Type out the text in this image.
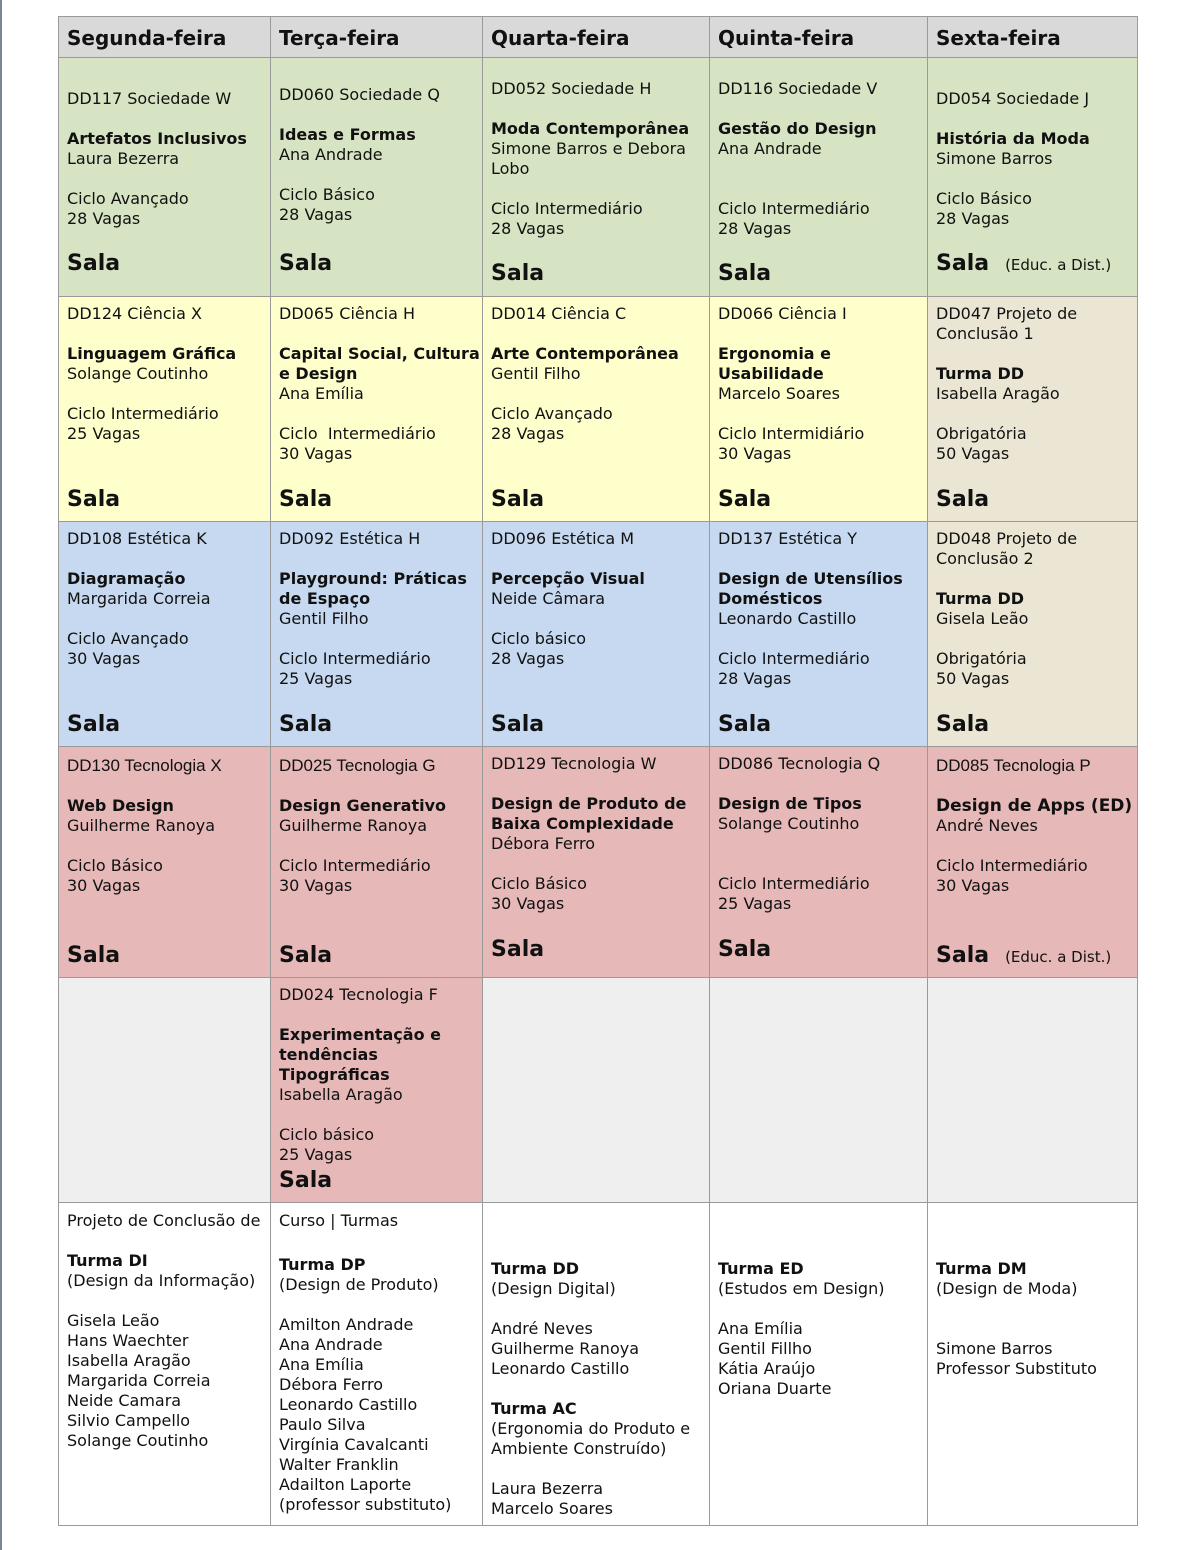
Segunda-feira
DD117 Sociedade W
Artefatos Inclusivos
Laura Bezerra
Ciclo Avançado
28 Vagas
Sala
DD124 Ciência X
Linguagem Gráfica
Solange Coutinho
Ciclo Intermediário
25 Vagas
Sala
DD108 Estética K
Diagramação
Margarida Correia
Ciclo Avançado
30 Vagas
Sala
DD130 Tecnologia X
Web Design
Guilherme Ranoya
Ciclo Básico
30 Vagas
Sala
Projeto de Conclusão de
Turma DI
(Design da Informação)
Gisela Leão
Hans Waechter
Isabella Aragão
Margarida Correia
Neide Camara
Silvio Campello
Solange Coutinho
Terça-feira
DD060 Sociedade Q
Ideas e Formas
Ana Andrade
Ciclo Básico
28 Vagas
Sala
DD065 Ciência H
Capital Social, Cultura
e Design
Ana Emília
Ciclo  Intermediário
30 Vagas
Sala
DD092 Estética H
Playground: Práticas
de Espaço
Gentil Filho
Ciclo Intermediário
25 Vagas
Sala
DD025 Tecnologia G
Design Generativo
Guilherme Ranoya
Ciclo Intermediário
30 Vagas
Sala
DD024 Tecnologia F
Experimentação e
tendências
Tipográficas
Isabella Aragão
Ciclo básico
25 Vagas
Sala
Curso | Turmas
Turma DP
(Design de Produto)
Amilton Andrade
Ana Andrade
Ana Emília
Débora Ferro
Leonardo Castillo
Paulo Silva
Virgínia Cavalcanti
Walter Franklin
Adailton Laporte
(professor substituto)
Quarta-feira
DD052 Sociedade H
Moda Contemporânea
Simone Barros e Debora
Lobo
Ciclo Intermediário
28 Vagas
Sala
DD014 Ciência C
Arte Contemporânea
Gentil Filho
Ciclo Avançado
28 Vagas
Sala
DD096 Estética M
Percepção Visual
Neide Câmara
Ciclo básico
28 Vagas
Sala
DD129 Tecnologia W
Design de Produto de
Baixa Complexidade
Débora Ferro
Ciclo Básico
30 Vagas
Sala
Turma DD
(Design Digital)
André Neves
Guilherme Ranoya
Leonardo Castillo
Turma AC
(Ergonomia do Produto e
Ambiente Construído)
Laura Bezerra
Marcelo Soares
Quinta-feira
DD116 Sociedade V
Gestão do Design
Ana Andrade
Ciclo Intermediário
28 Vagas
Sala
DD066 Ciência I
Ergonomia e
Usabilidade
Marcelo Soares
Ciclo Intermidiário
30 Vagas
Sala
DD137 Estética Y
Design de Utensílios
Domésticos
Leonardo Castillo
Ciclo Intermediário
28 Vagas
Sala
DD086 Tecnologia Q
Design de Tipos
Solange Coutinho
Ciclo Intermediário
25 Vagas
Sala
Turma ED
(Estudos em Design)
Ana Emília
Gentil Fillho
Kátia Araújo
Oriana Duarte
Sexta-feira
DD054 Sociedade J
História da Moda
Simone Barros
Ciclo Básico
28 Vagas
Sala (Educ. a Dist.)
DD047 Projeto de
Conclusão 1
Turma DD
Isabella Aragão
Obrigatória
50 Vagas
Sala
DD048 Projeto de
Conclusão 2
Turma DD
Gisela Leão
Obrigatória
50 Vagas
Sala
DD085 Tecnologia P
Design de Apps (ED)
André Neves
Ciclo Intermediário
30 Vagas
Sala (Educ. a Dist.)
Turma DM
(Design de Moda)
Simone Barros
Professor Substituto
